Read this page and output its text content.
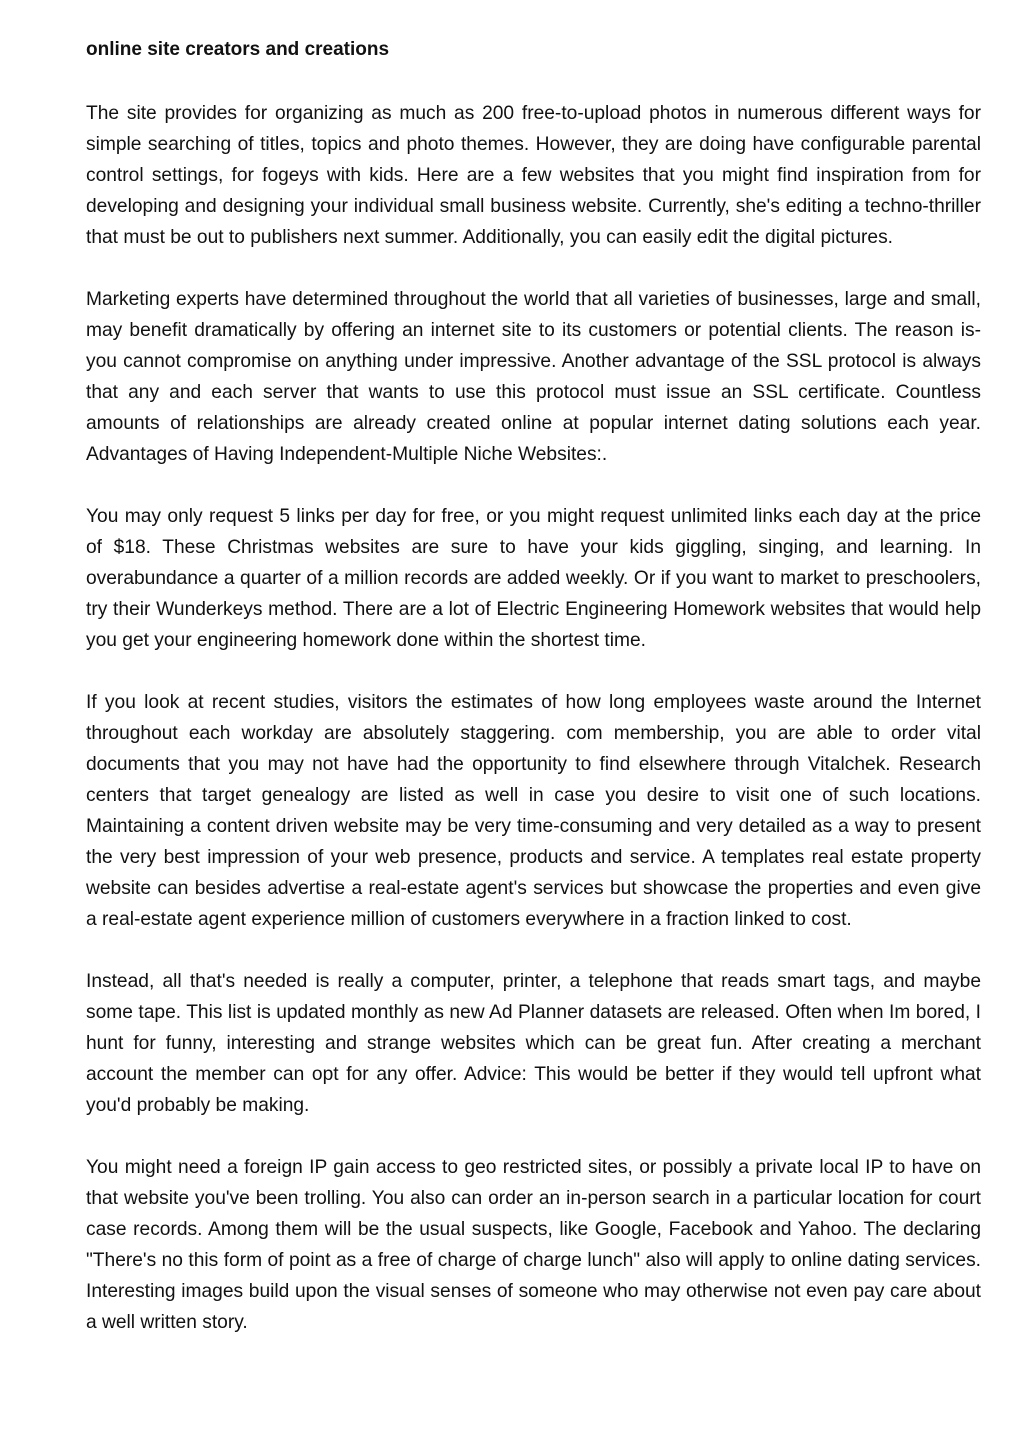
online site creators and creations

The site provides for organizing as much as 200 free-to-upload photos in numerous different ways for simple searching of titles, topics and photo themes. However, they are doing have configurable parental control settings, for fogeys with kids. Here are a few websites that you might find inspiration from for developing and designing your individual small business website. Currently, she's editing a techno-thriller that must be out to publishers next summer. Additionally, you can easily edit the digital pictures.

Marketing experts have determined throughout the world that all varieties of businesses, large and small, may benefit dramatically by offering an internet site to its customers or potential clients. The reason is-you cannot compromise on anything under impressive. Another advantage of the SSL protocol is always that any and each server that wants to use this protocol must issue an SSL certificate. Countless amounts of relationships are already created online at popular internet dating solutions each year. Advantages of Having Independent-Multiple Niche Websites:.

You may only request 5 links per day for free, or you might request unlimited links each day at the price of $18. These Christmas websites are sure to have your kids giggling, singing, and learning. In overabundance a quarter of a million records are added weekly. Or if you want to market to preschoolers, try their Wunderkeys method. There are a lot of Electric Engineering Homework websites that would help you get your engineering homework done within the shortest time.

If you look at recent studies, visitors the estimates of how long employees waste around the Internet throughout each workday are absolutely staggering. com membership, you are able to order vital documents that you may not have had the opportunity to find elsewhere through Vitalchek. Research centers that target genealogy are listed as well in case you desire to visit one of such locations. Maintaining a content driven website may be very time-consuming and very detailed as a way to present the very best impression of your web presence, products and service. A templates real estate property website can besides advertise a real-estate agent's services but showcase the properties and even give a real-estate agent experience million of customers everywhere in a fraction linked to cost.

Instead, all that's needed is really a computer, printer, a telephone that reads smart tags, and maybe some tape. This list is updated monthly as new Ad Planner datasets are released. Often when Im bored, I hunt for funny, interesting and strange websites which can be great fun. After creating a merchant account the member can opt for any offer. Advice: This would be better if they would tell upfront what you'd probably be making.

You might need a foreign IP gain access to geo restricted sites, or possibly a private local IP to have on that website you've been trolling. You also can order an in-person search in a particular location for court case records. Among them will be the usual suspects, like Google, Facebook and Yahoo. The declaring "There's no this form of point as a free of charge of charge lunch" also will apply to online dating services. Interesting images build upon the visual senses of someone who may otherwise not even pay care about a well written story.
